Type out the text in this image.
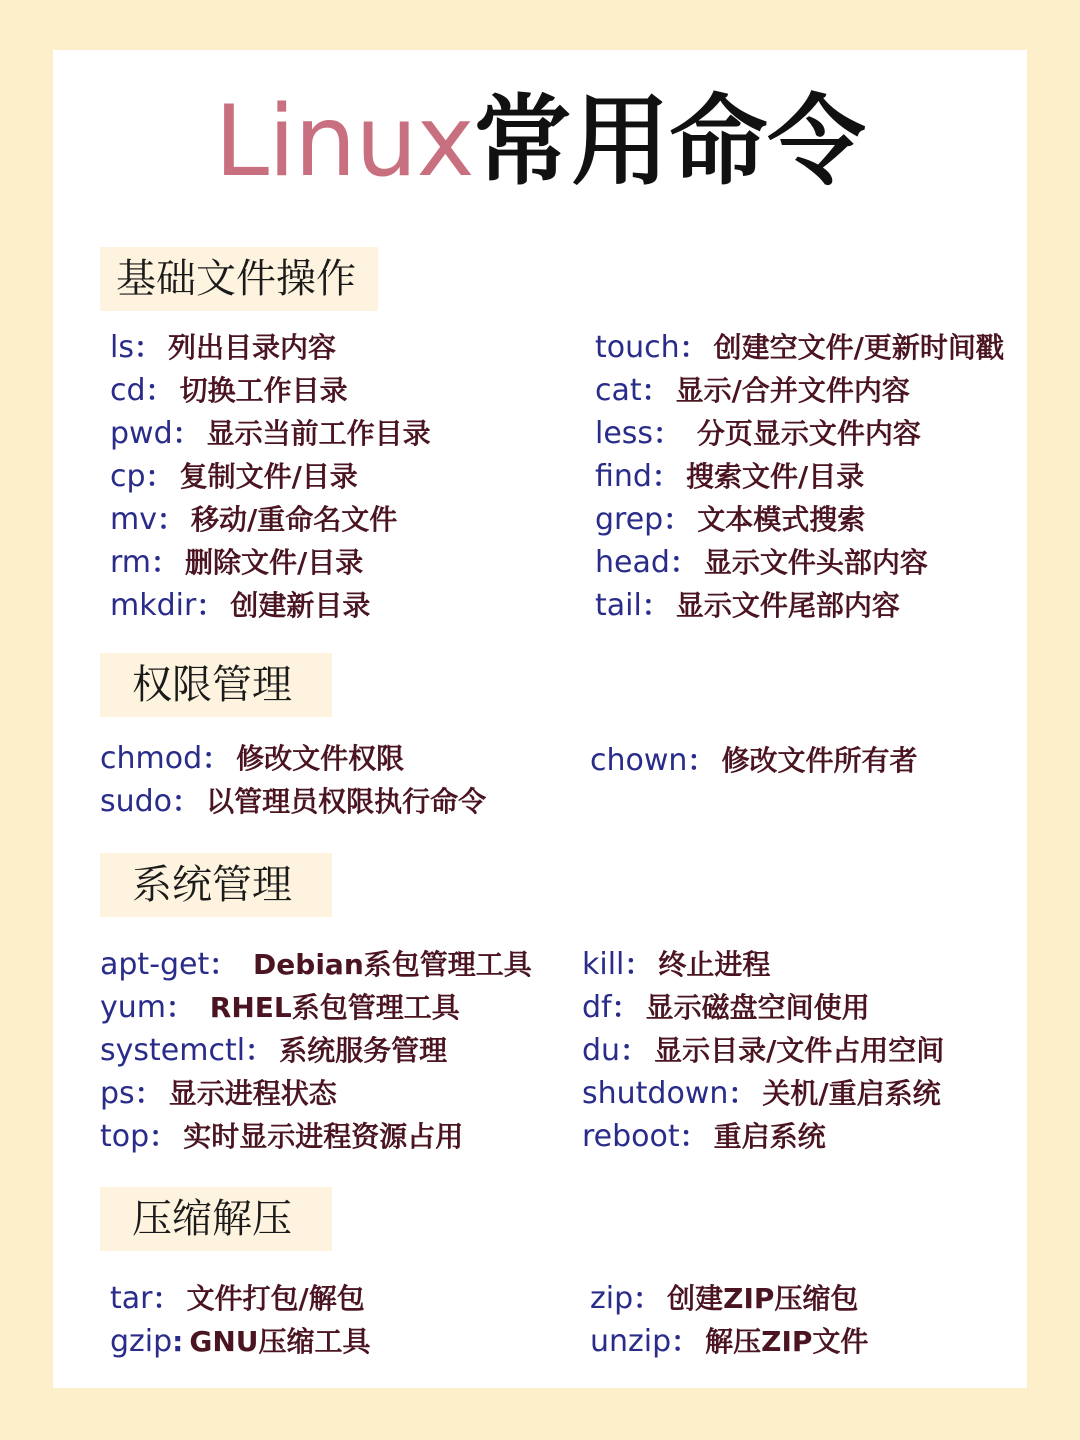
Linux常用命令
基础文件操作
ls： 列出目录内容
cd： 切换工作目录
pwd： 显示当前工作目录
cp： 复制文件/目录
mv： 移动/重命名文件
rm： 删除文件/目录
mkdir： 创建新目录
touch： 创建空文件/更新时间戳
cat： 显示/合并文件内容
less： 分页显示文件内容
find： 搜索文件/目录
grep： 文本模式搜索
head： 显示文件头部内容
tail： 显示文件尾部内容
权限管理
chmod： 修改文件权限
sudo： 以管理员权限执行命令
chown： 修改文件所有者
系统管理
apt-get： Debian系包管理工具
yum： RHEL系包管理工具
systemctl： 系统服务管理
ps： 显示进程状态
top： 实时显示进程资源占用
kill： 终止进程
df： 显示磁盘空间使用
du： 显示目录/文件占用空间
shutdown： 关机/重启系统
reboot： 重启系统
压缩解压
tar： 文件打包/解包
gzip: GNU压缩工具
zip： 创建ZIP压缩包
unzip： 解压ZIP文件
